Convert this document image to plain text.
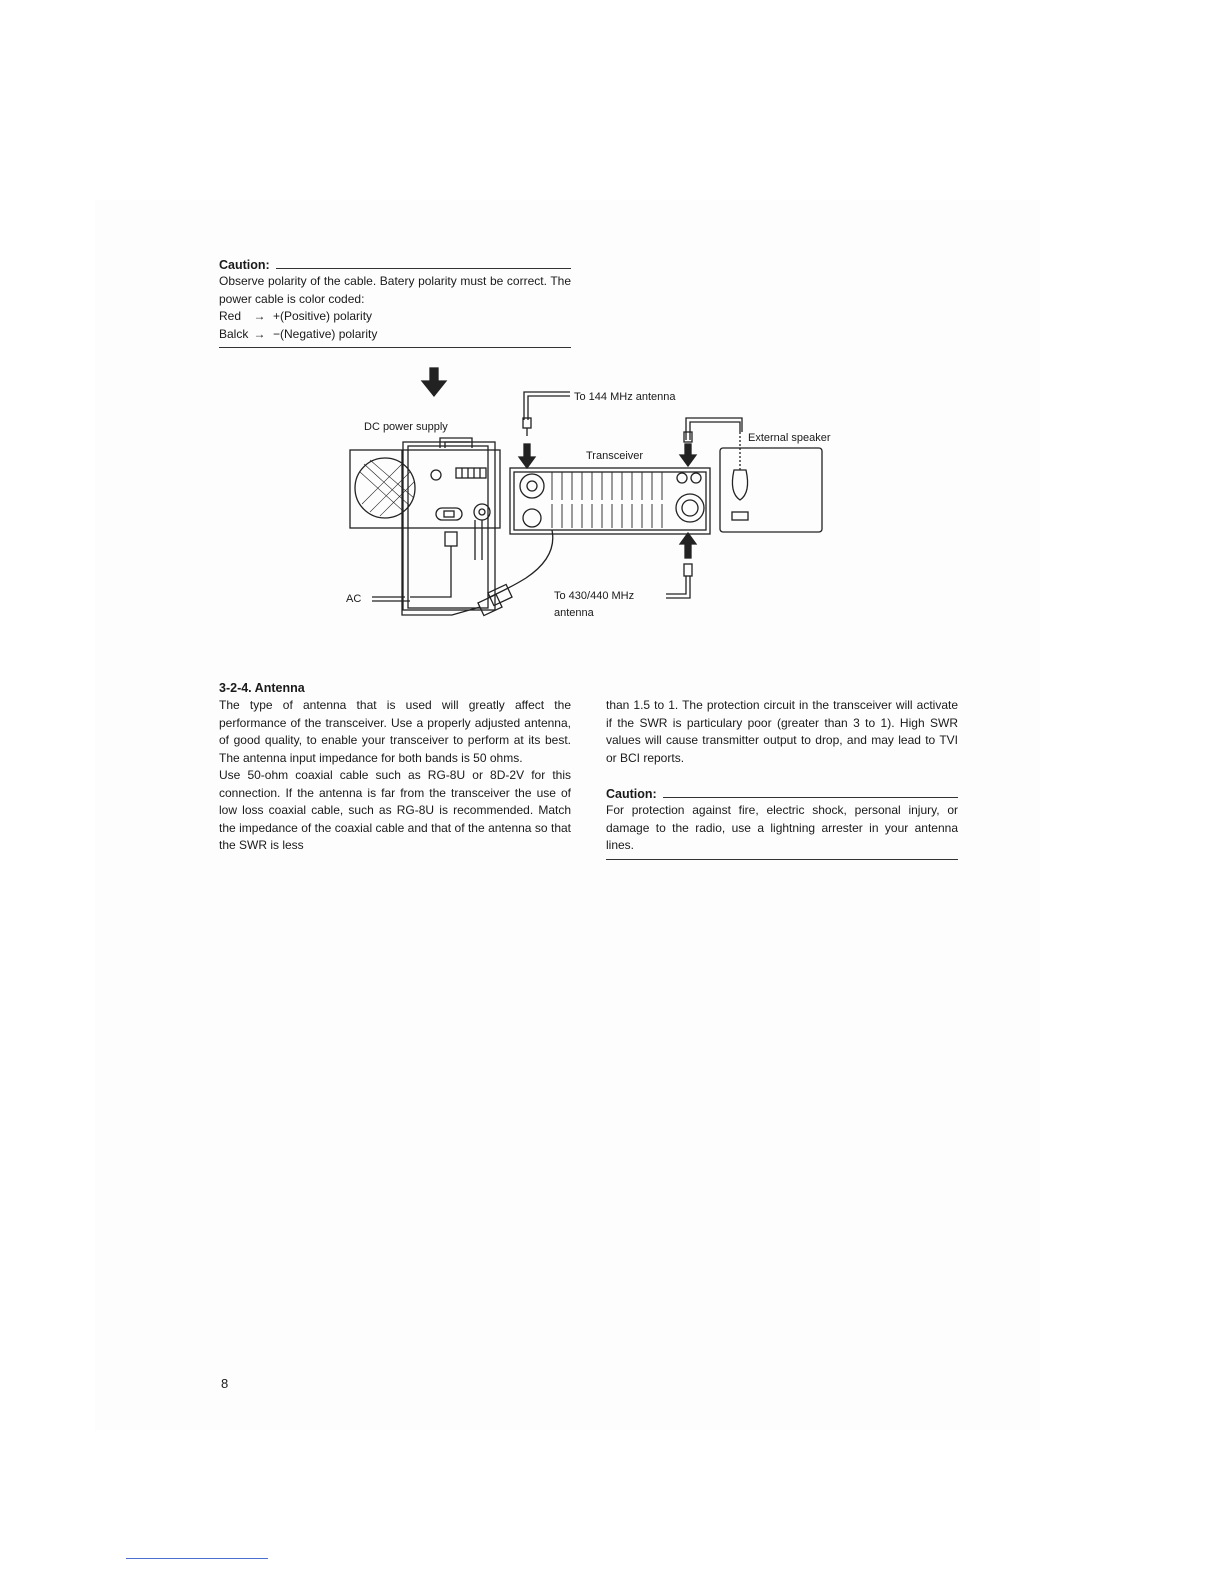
Caution:

Observe polarity of the cable. Batery polarity must be correct. The power cable is color coded:

Red	→ +(Positive) polarity
Balck → −(Negative) polarity
To 144 MHz antenna
DC power supply
Transceiver
External speaker
AC	To 430/440 MHz
antenna
3-2-4. Antenna

The type of antenna that is used will greatly affect the performance of the transceiver. Use a properly adjusted antenna, of good quality, to enable your transceiver to perform at its best. The antenna input impedance for both bands is 50 ohms.

Use 50-ohm coaxial cable such as RG-8U or 8D-2V for this connection. If the antenna is far from the transceiver the use of low loss coaxial cable, such as RG-8U is recommended. Match the impedance of the coaxial cable and that of the antenna so that the SWR is less

than 1.5 to 1. The protection circuit in the transceiver will activate if the SWR is particulary poor (greater than 3 to 1). High SWR values will cause transmitter output to drop, and may lead to TVI or BCI reports.

Caution:

For protection against fire, electric shock, personal injury, or damage to the radio, use a lightning arrester in your antenna lines.

8
